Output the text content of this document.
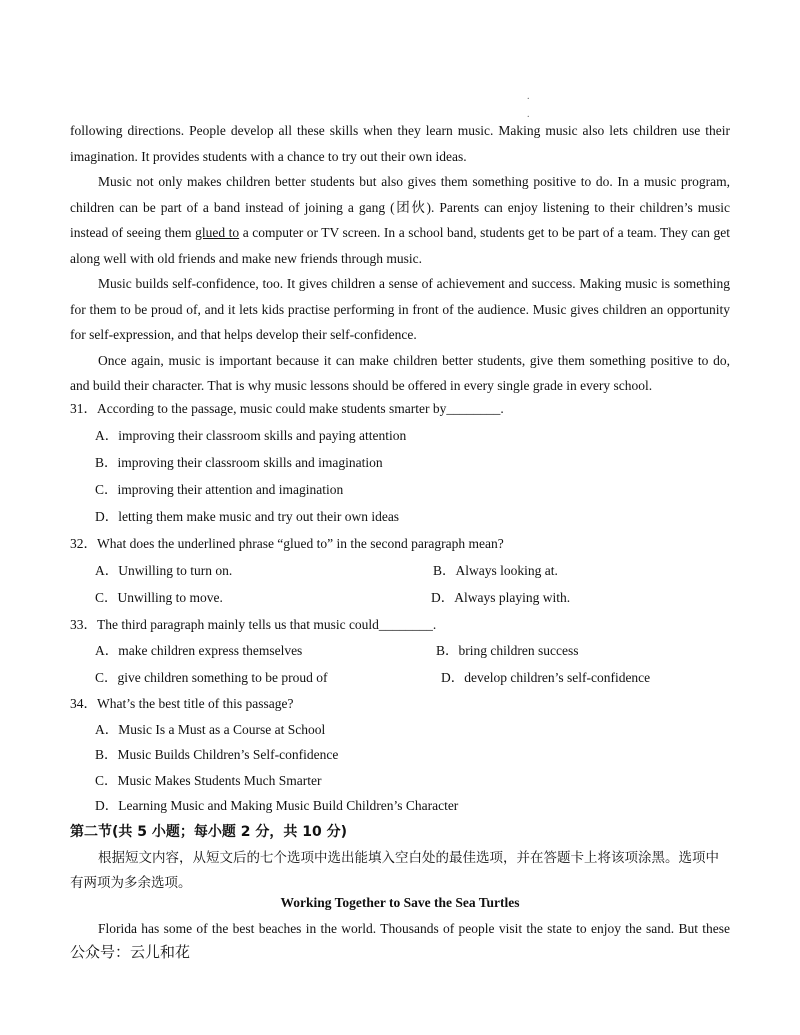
.
.

following directions. People develop all these skills when they learn music. Making music also lets children use their imagination. It provides students with a chance to try out their own ideas.

Music not only makes children better students but also gives them something positive to do. In a music program, children can be part of a band instead of joining a gang (团伙). Parents can enjoy listening to their children’s music instead of seeing them glued to a computer or TV screen. In a school band, students get to be part of a team. They can get along well with old friends and make new friends through music.

Music builds self-confidence, too. It gives children a sense of achievement and success. Making music is something for them to be proud of, and it lets kids practise performing in front of the audience. Music gives children an opportunity for self-expression, and that helps develop their self-confidence.

Once again, music is important because it can make children better students, give them something positive to do, and build their character. That is why music lessons should be offered in every single grade in every school.

31．According to the passage, music could make students smarter by________.
A．improving their classroom skills and paying attention
B．improving their classroom skills and imagination
C．improving their attention and imagination
D．letting them make music and try out their own ideas
32．What does the underlined phrase “glued to” in the second paragraph mean?
A．Unwilling to turn on.	B．Always looking at.
C．Unwilling to move.	D．Always playing with.
33．The third paragraph mainly tells us that music could________.
A．make children express themselves	B．bring children success
C．give children something to be proud of	D．develop children’s self-confidence
34．What’s the best title of this passage?
A．Music Is a Must as a Course at School
B．Music Builds Children’s Self-confidence
C．Music Makes Students Much Smarter
D．Learning Music and Making Music Build Children’s Character
第二节(共 5 小题；每小题 2 分，共 10 分)
根据短文内容，从短文后的七个选项中选出能填入空白处的最佳选项，并在答题卡上将该项涂黑。选项中有两项为多余选项。
Working Together to Save the Sea Turtles

Florida has some of the best beaches in the world. Thousands of people visit the state to enjoy the sand. But these

公众号：云儿和花
